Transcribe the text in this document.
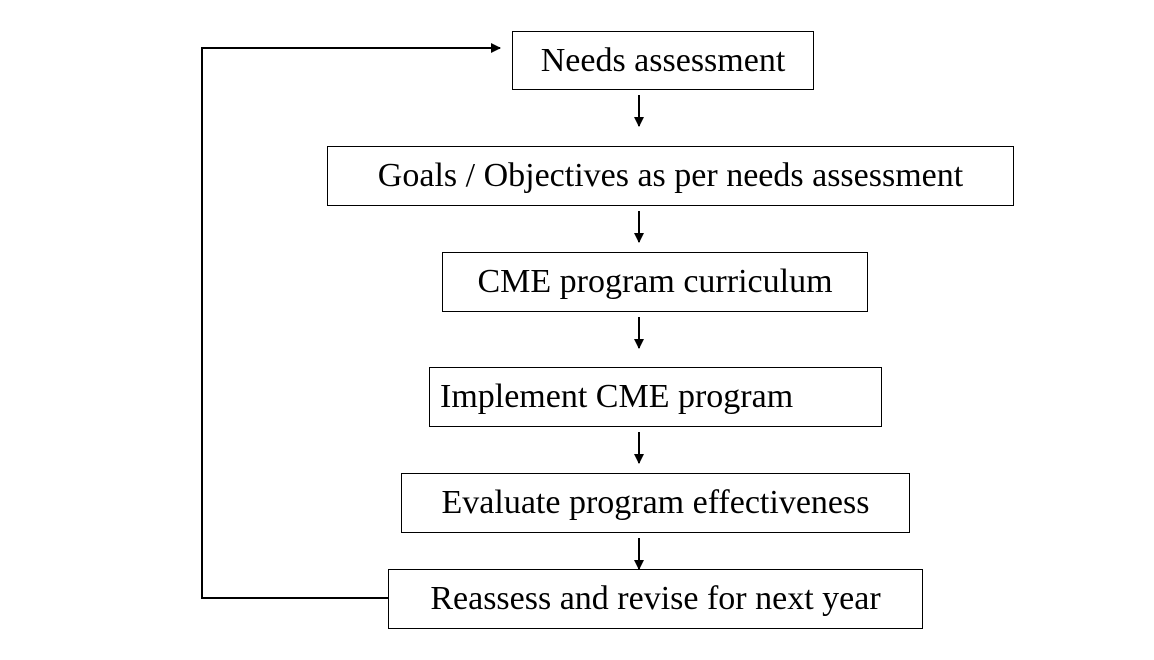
Needs assessment
Goals / Objectives as per needs assessment
CME program curriculum
Implement CME program
Evaluate program effectiveness
Reassess and revise for next year
